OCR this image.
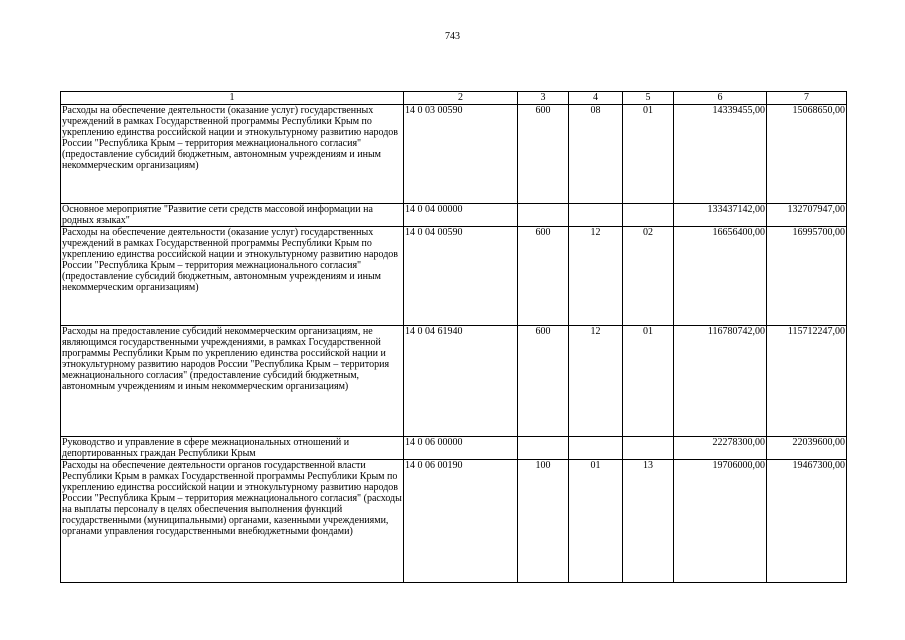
743
1	2	3	4	5	6	7
Расходы на обеспечение деятельности (оказание услуг) государственных учреждений в рамках Государственной программы Республики Крым по укреплению единства российской нации и этнокультурному развитию народов России "Республика Крым – территория межнационального согласия" (предоставление субсидий бюджетным, автономным учреждениям и иным некоммерческим организациям)	14 0 03 00590	600	08	01	14339455,00	15068650,00
Основное мероприятие "Развитие сети средств массовой информации на родных языках"	14 0 04 00000				133437142,00	132707947,00
Расходы на обеспечение деятельности (оказание услуг) государственных учреждений в рамках Государственной программы Республики Крым по укреплению единства российской нации и этнокультурному развитию народов России "Республика Крым – территория межнационального согласия" (предоставление субсидий бюджетным, автономным учреждениям и иным некоммерческим организациям)	14 0 04 00590	600	12	02	16656400,00	16995700,00
Расходы на предоставление субсидий некоммерческим организациям, не являющимся государственными учреждениями, в рамках Государственной программы Республики Крым по укреплению единства российской нации и этнокультурному развитию народов России "Республика Крым – территория межнационального согласия" (предоставление субсидий бюджетным, автономным учреждениям и иным некоммерческим организациям)	14 0 04 61940	600	12	01	116780742,00	115712247,00
Руководство и управление в сфере межнациональных отношений и депортированных граждан Республики Крым	14 0 06 00000				22278300,00	22039600,00
Расходы на обеспечение деятельности органов государственной власти Республики Крым в рамках Государственной программы Республики Крым по укреплению единства российской нации и этнокультурному развитию народов России "Республика Крым – территория межнационального согласия" (расходы на выплаты персоналу в целях обеспечения выполнения функций государственными (муниципальными) органами, казенными учреждениями, органами управления государственными внебюджетными фондами)	14 0 06 00190	100	01	13	19706000,00	19467300,00
